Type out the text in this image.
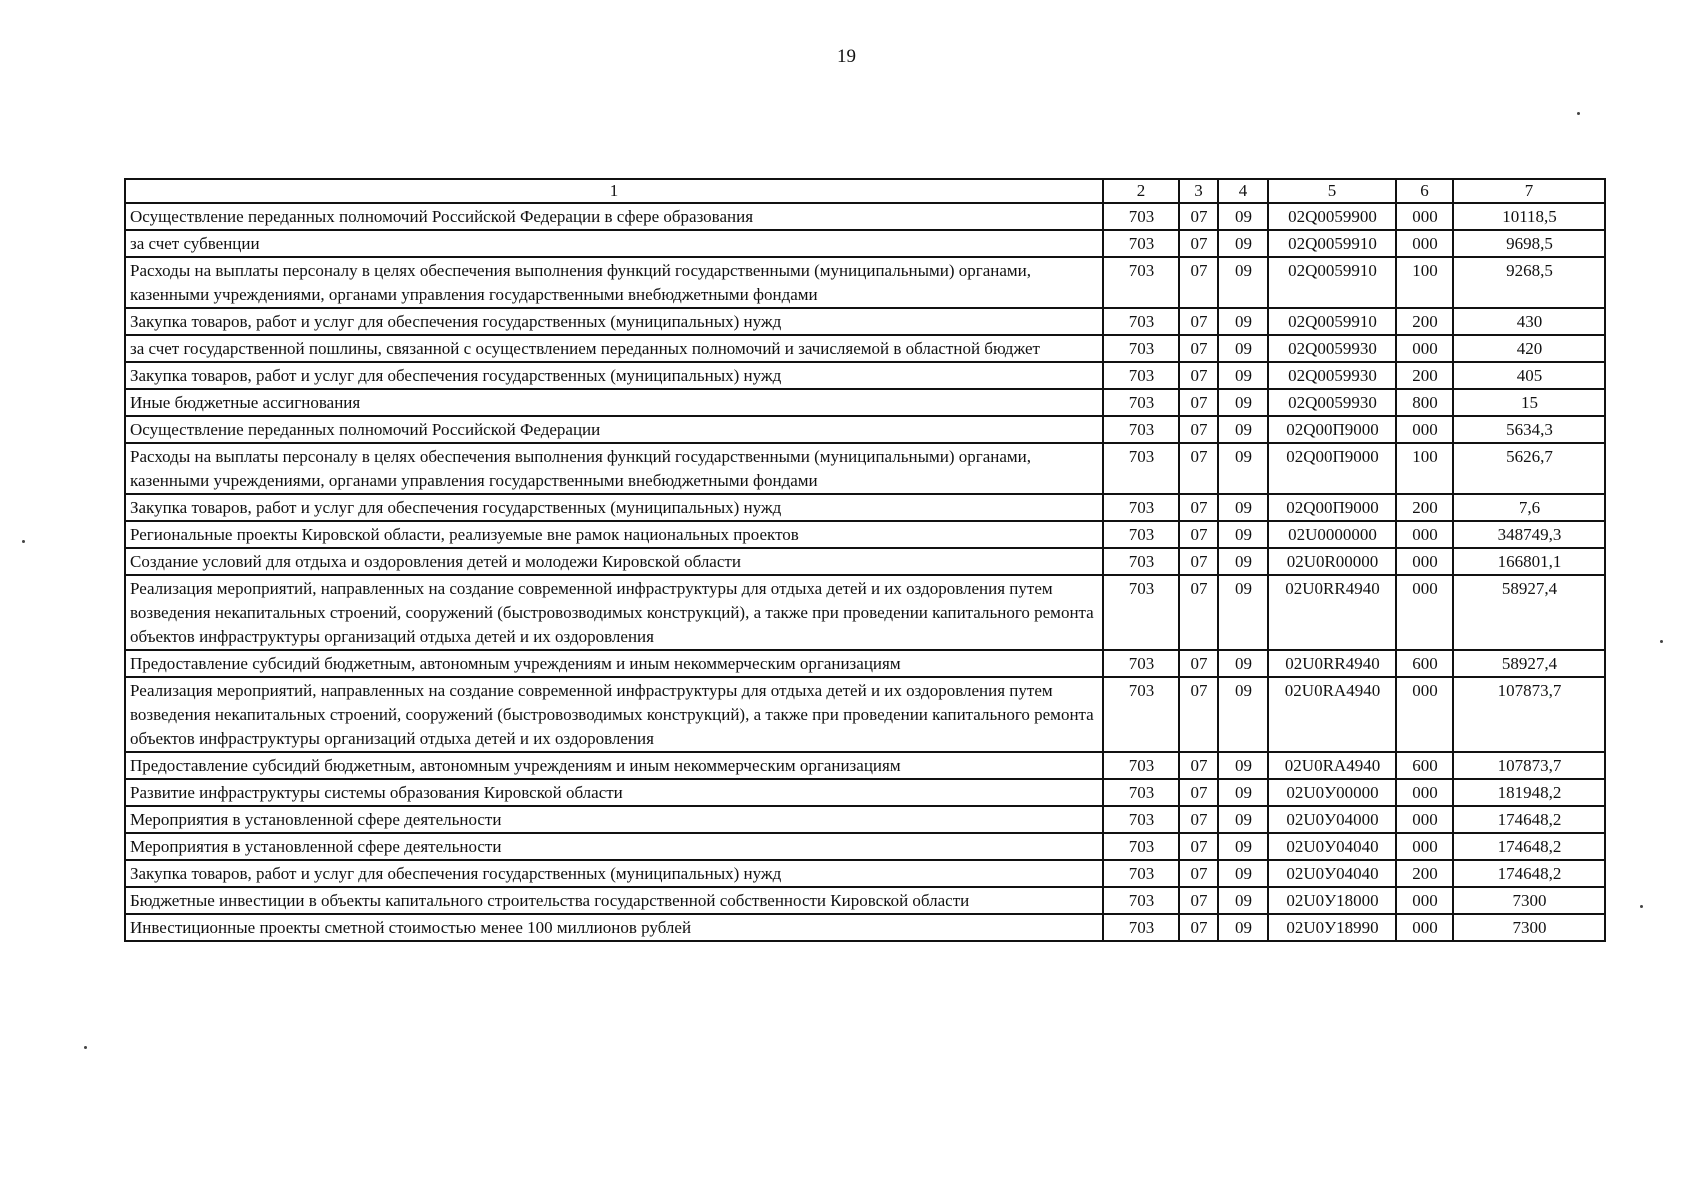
19
1	2	3	4	5	6	7
Осуществление переданных полномочий Российской Федерации в сфере образования	703	07	09	02Q0059900	000	10118,5
за счет субвенции	703	07	09	02Q0059910	000	9698,5
Расходы на выплаты персоналу в целях обеспечения выполнения функций государственными (муниципальными) органами, казенными учреждениями, органами управления государственными внебюджетными фондами	703	07	09	02Q0059910	100	9268,5
Закупка товаров, работ и услуг для обеспечения государственных (муниципальных) нужд	703	07	09	02Q0059910	200	430
за счет государственной пошлины, связанной с осуществлением переданных полномочий и зачисляемой в областной бюджет	703	07	09	02Q0059930	000	420
Закупка товаров, работ и услуг для обеспечения государственных (муниципальных) нужд	703	07	09	02Q0059930	200	405
Иные бюджетные ассигнования	703	07	09	02Q0059930	800	15
Осуществление переданных полномочий Российской Федерации	703	07	09	02Q00П9000	000	5634,3
Расходы на выплаты персоналу в целях обеспечения выполнения функций государственными (муниципальными) органами, казенными учреждениями, органами управления государственными внебюджетными фондами	703	07	09	02Q00П9000	100	5626,7
Закупка товаров, работ и услуг для обеспечения государственных (муниципальных) нужд	703	07	09	02Q00П9000	200	7,6
Региональные проекты Кировской области, реализуемые вне рамок национальных проектов	703	07	09	02U0000000	000	348749,3
Создание условий для отдыха и оздоровления детей и молодежи Кировской области	703	07	09	02U0R00000	000	166801,1
Реализация мероприятий, направленных на создание современной инфраструктуры для отдыха детей и их оздоровления путем возведения некапитальных строений, сооружений (быстровозводимых конструкций), а также при проведении капитального ремонта объектов инфраструктуры организаций отдыха детей и их оздоровления	703	07	09	02U0RR4940	000	58927,4
Предоставление субсидий бюджетным, автономным учреждениям и иным некоммерческим организациям	703	07	09	02U0RR4940	600	58927,4
Реализация мероприятий, направленных на создание современной инфраструктуры для отдыха детей и их оздоровления путем возведения некапитальных строений, сооружений (быстровозводимых конструкций), а также при проведении капитального ремонта объектов инфраструктуры организаций отдыха детей и их оздоровления	703	07	09	02U0RA4940	000	107873,7
Предоставление субсидий бюджетным, автономным учреждениям и иным некоммерческим организациям	703	07	09	02U0RA4940	600	107873,7
Развитие инфраструктуры системы образования Кировской области	703	07	09	02U0У00000	000	181948,2
Мероприятия в установленной сфере деятельности	703	07	09	02U0У04000	000	174648,2
Мероприятия в установленной сфере деятельности	703	07	09	02U0У04040	000	174648,2
Закупка товаров, работ и услуг для обеспечения государственных (муниципальных) нужд	703	07	09	02U0У04040	200	174648,2
Бюджетные инвестиции в объекты капитального строительства государственной собственности Кировской области	703	07	09	02U0У18000	000	7300
Инвестиционные проекты сметной стоимостью менее 100 миллионов рублей	703	07	09	02U0У18990	000	7300
